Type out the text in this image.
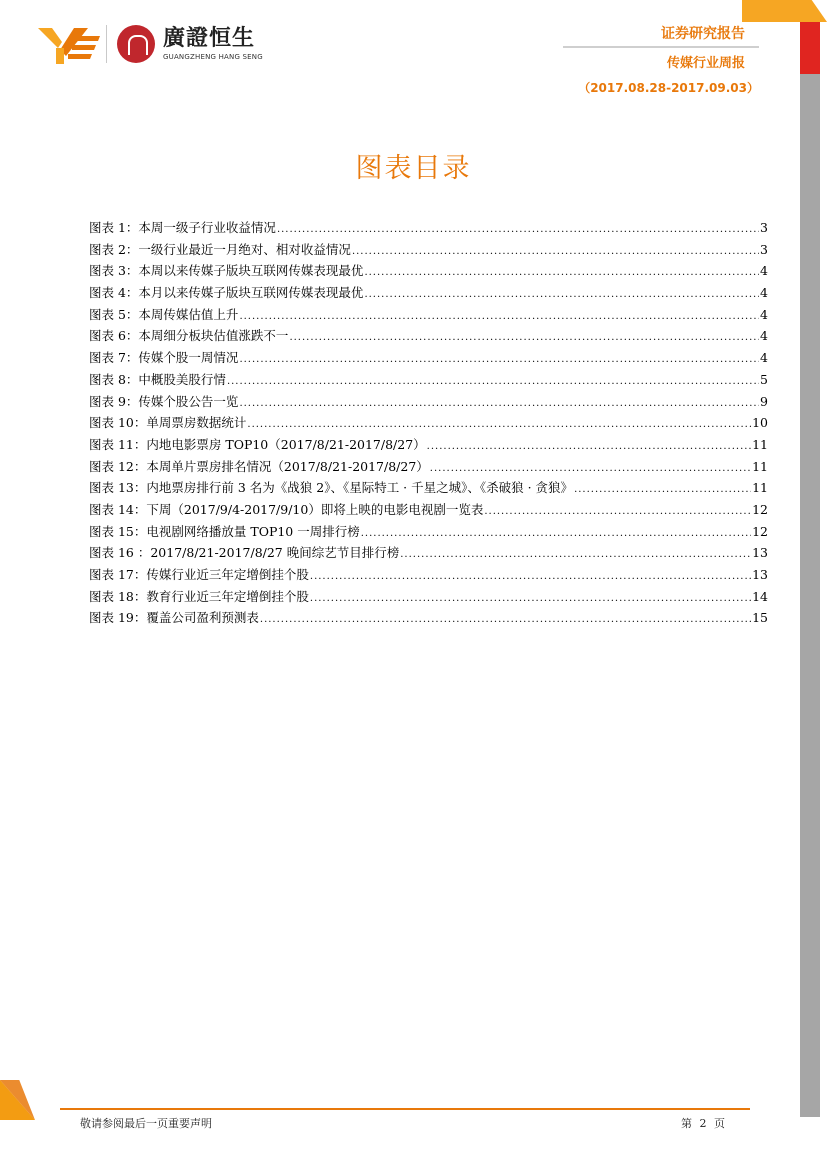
廣證恒生
GUANGZHENG HANG SENG
证券研究报告
传媒行业周报
（2017.08.28-2017.09.03）
图表目录
图表 1：本周一级子行业收益情况 .....	3
图表 2：一级行业最近一月绝对、相对收益情况 .....	3
图表 3：本周以来传媒子版块互联网传媒表现最优 .....	4
图表 4：本月以来传媒子版块互联网传媒表现最优 .....	4
图表 5：本周传媒估值上升 .....	4
图表 6：本周细分板块估值涨跌不一 .....	4
图表 7：传媒个股一周情况 .....	4
图表 8：中概股美股行情 .....	5
图表 9：传媒个股公告一览 .....	9
图表 10：单周票房数据统计 .....	10
图表 11：内地电影票房 TOP10（2017/8/21-2017/8/27） .....	11
图表 12：本周单片票房排名情况（2017/8/21-2017/8/27） .....	11
图表 13：内地票房排行前 3 名为《战狼 2》、《星际特工 · 千星之城》、《杀破狼 · 贪狼》 .....	11
图表 14：下周（2017/9/4-2017/9/10）即将上映的电影电视剧一览表 .....	12
图表 15：电视剧网络播放量 TOP10 一周排行榜 .....	12
图表 16 ：2017/8/21-2017/8/27 晚间综艺节目排行榜 .....	13
图表 17：传媒行业近三年定增倒挂个股 .....	13
图表 18：教育行业近三年定增倒挂个股 .....	14
图表 19：覆盖公司盈利预测表 .....	15
敬请参阅最后一页重要声明	第 2 页
